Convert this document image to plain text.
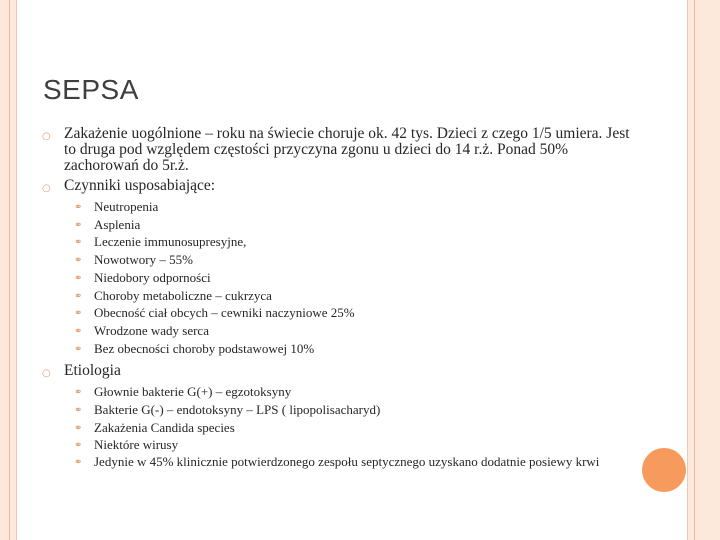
SEPSA
○ Zakażenie uogólnione – roku na świecie choruje ok. 42 tys. Dzieci z czego 1/5 umiera. Jest to druga pod względem częstości przyczyna zgonu u dzieci do 14 r.ż. Ponad 50% zachorowań do 5r.ż.
○ Czynniki usposabiające:
⚭ Neutropenia
⚭ Asplenia
⚭ Leczenie immunosupresyjne,
⚭ Nowotwory – 55%
⚭ Niedobory odporności
⚭ Choroby metaboliczne – cukrzyca
⚭ Obecność ciał obcych – cewniki naczyniowe 25%
⚭ Wrodzone wady serca
⚭ Bez obecności choroby podstawowej 10%
○ Etiologia
⚭ Głownie bakterie G(+) – egzotoksyny
⚭ Bakterie G(-) – endotoksyny – LPS ( lipopolisacharyd)
⚭ Zakażenia Candida species
⚭ Niektóre wirusy
⚭ Jedynie w 45% klinicznie potwierdzonego zespołu septycznego uzyskano dodatnie posiewy krwi
